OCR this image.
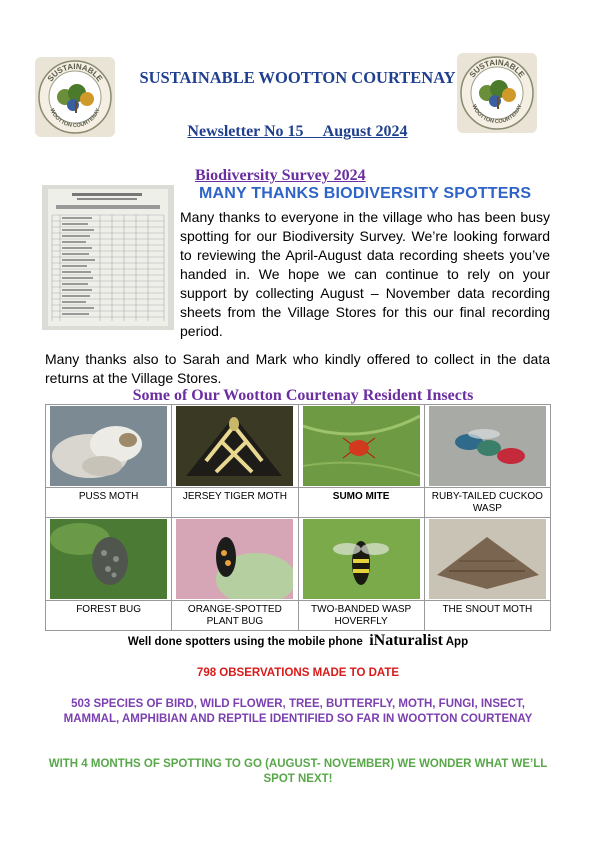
SUSTAINABLE
WOOTTON COURTENAY
SUSTAINABLE
WOOTTON COURTENAY
SUSTAINABLE WOOTTON COURTENAY
Newsletter No 15     August 2024
Biodiversity Survey 2024
MANY THANKS BIODIVERSITY SPOTTERS
Many thanks to everyone in the village who has been busy spotting for our Biodiversity Survey. We’re looking forward to reviewing the April-August data recording sheets you’ve handed in. We hope we can continue to rely on your support by collecting August – November data recording sheets from the Village Stores for this our final recording period.
Many thanks also to Sarah and Mark who kindly offered to collect in the data returns at the Village Stores.
Some of Our Wootton Courtenay Resident Insects

PUSS MOTH	JERSEY TIGER MOTH	SUMO MITE	RUBY-TAILED CUCKOO WASP

FOREST BUG	ORANGE-SPOTTED PLANT BUG	TWO-BANDED WASP HOVERFLY	THE SNOUT MOTH
Well done spotters using the mobile phone  iNaturalist App
798 OBSERVATIONS MADE TO DATE
503 SPECIES OF BIRD, WILD FLOWER, TREE, BUTTERFLY, MOTH, FUNGI, INSECT, MAMMAL, AMPHIBIAN AND REPTILE IDENTIFIED SO FAR IN WOOTTON COURTENAY
WITH 4 MONTHS OF SPOTTING TO GO (AUGUST- NOVEMBER) WE WONDER WHAT WE’LL SPOT NEXT!
